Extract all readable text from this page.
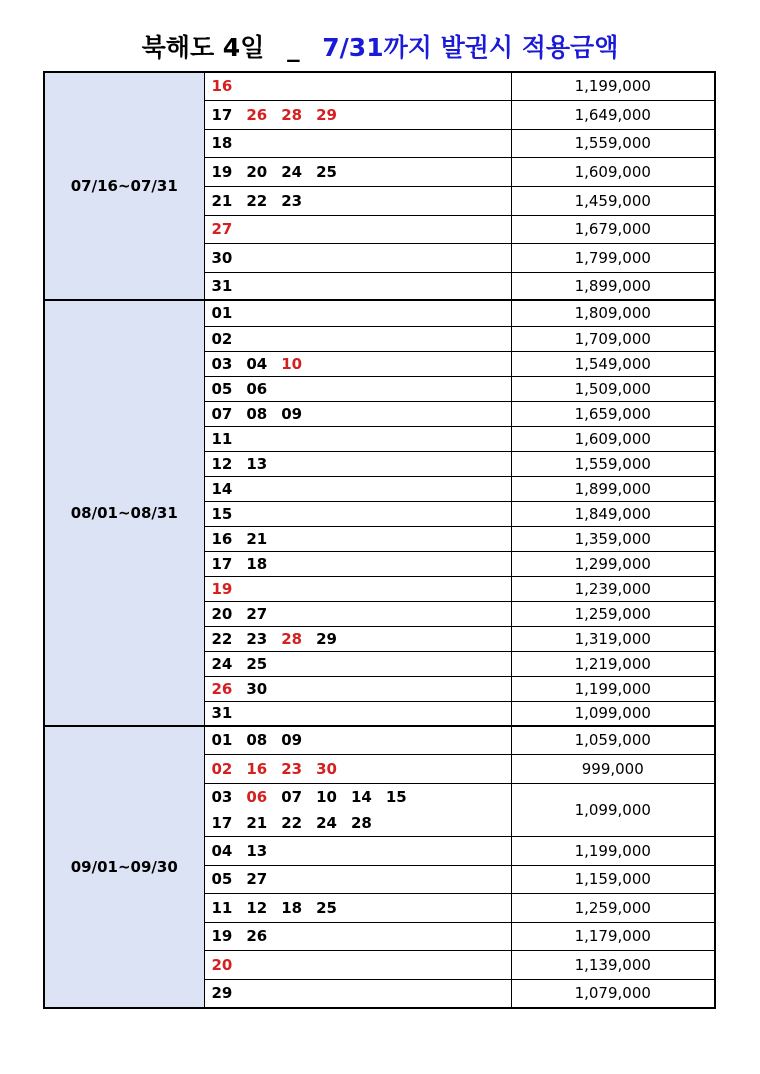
북해도 4일 _ 7/31까지 발권시 적용금액
07/16~07/31	16	1,199,000

	17 26 28 29	1,649,000

	18	1,559,000

	19 20 24 25	1,609,000

	21 22 23	1,459,000

	27	1,679,000

	30	1,799,000

	31	1,899,000
08/01~08/31	01	1,809,000

	02	1,709,000

	03 04 10	1,549,000

	05 06	1,509,000

	07 08 09	1,659,000

	11	1,609,000

	12 13	1,559,000

	14	1,899,000

	15	1,849,000

	16 21	1,359,000

	17 18	1,299,000

	19	1,239,000

	20 27	1,259,000

	22 23 28 29	1,319,000

	24 25	1,219,000

	26 30	1,199,000

	31	1,099,000
09/01~09/30	01 08 09	1,059,000

	02 16 23 30	999,000

	03 06 07 10 14 15
17 21 22 24 28	1,099,000

	04 13	1,199,000

	05 27	1,159,000

	11 12 18 25	1,259,000

	19 26	1,179,000

	20	1,139,000

	29	1,079,000
